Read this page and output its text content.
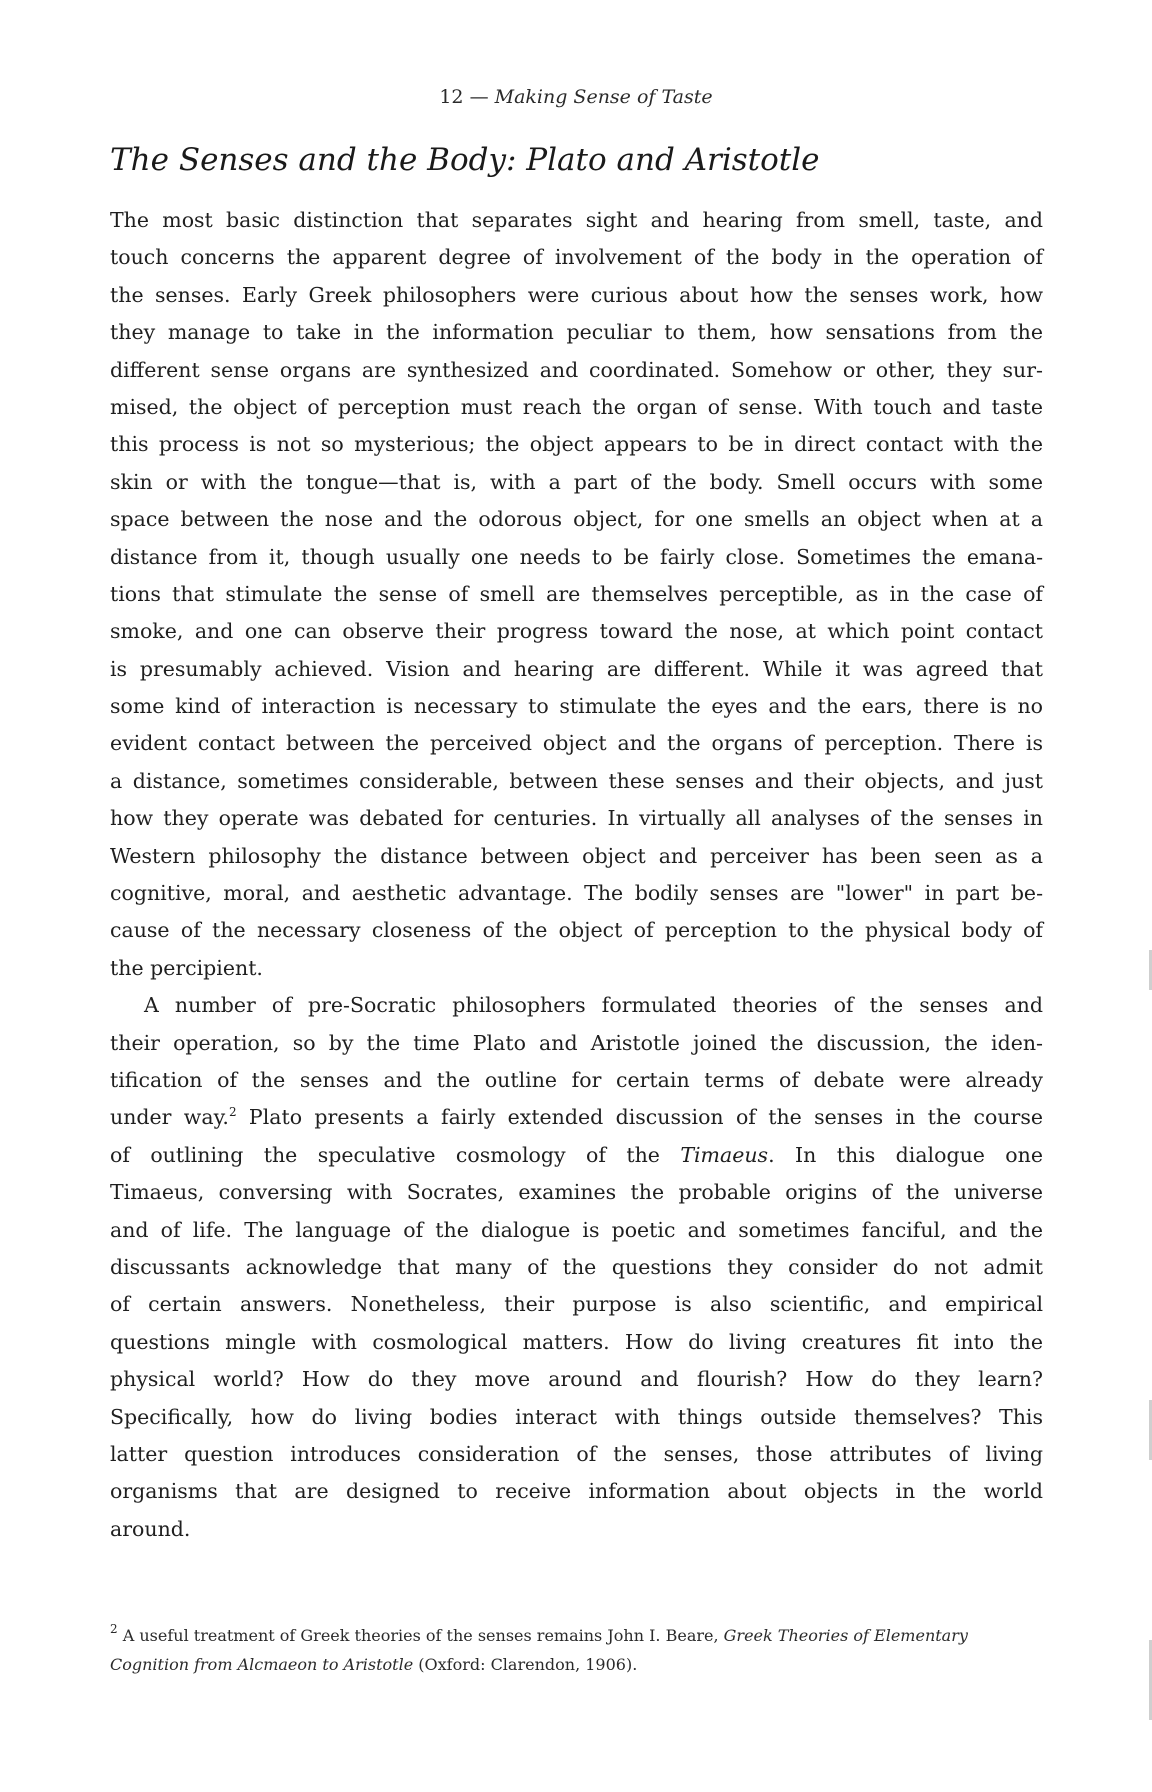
12 — Making Sense of Taste
The Senses and the Body: Plato and Aristotle
The most basic distinction that separates sight and hearing from smell, taste, and
touch concerns the apparent degree of involvement of the body in the operation of
the senses. Early Greek philosophers were curious about how the senses work, how
they manage to take in the information peculiar to them, how sensations from the
different sense organs are synthesized and coordinated. Somehow or other, they sur-
mised, the object of perception must reach the organ of sense. With touch and taste
this process is not so mysterious; the object appears to be in direct contact with the
skin or with the tongue—that is, with a part of the body. Smell occurs with some
space between the nose and the odorous object, for one smells an object when at a
distance from it, though usually one needs to be fairly close. Sometimes the emana-
tions that stimulate the sense of smell are themselves perceptible, as in the case of
smoke, and one can observe their progress toward the nose, at which point contact
is presumably achieved. Vision and hearing are different. While it was agreed that
some kind of interaction is necessary to stimulate the eyes and the ears, there is no
evident contact between the perceived object and the organs of perception. There is
a distance, sometimes considerable, between these senses and their objects, and just
how they operate was debated for centuries. In virtually all analyses of the senses in
Western philosophy the distance between object and perceiver has been seen as a
cognitive, moral, and aesthetic advantage. The bodily senses are "lower" in part be-
cause of the necessary closeness of the object of perception to the physical body of
the percipient.
A number of pre-Socratic philosophers formulated theories of the senses and
their operation, so by the time Plato and Aristotle joined the discussion, the iden-
tification of the senses and the outline for certain terms of debate were already
under way.$^2$ Plato presents a fairly extended discussion of the senses in the course
of outlining the speculative cosmology of the Timaeus. In this dialogue one
Timaeus, conversing with Socrates, examines the probable origins of the universe
and of life. The language of the dialogue is poetic and sometimes fanciful, and the
discussants acknowledge that many of the questions they consider do not admit
of certain answers. Nonetheless, their purpose is also scientific, and empirical
questions mingle with cosmological matters. How do living creatures fit into the
physical world? How do they move around and flourish? How do they learn?
Specifically, how do living bodies interact with things outside themselves? This
latter question introduces consideration of the senses, those attributes of living
organisms that are designed to receive information about objects in the world
around.
$^2$ A useful treatment of Greek theories of the senses remains John I. Beare, Greek Theories of Elementary
Cognition from Alcmaeon to Aristotle (Oxford: Clarendon, 1906).
